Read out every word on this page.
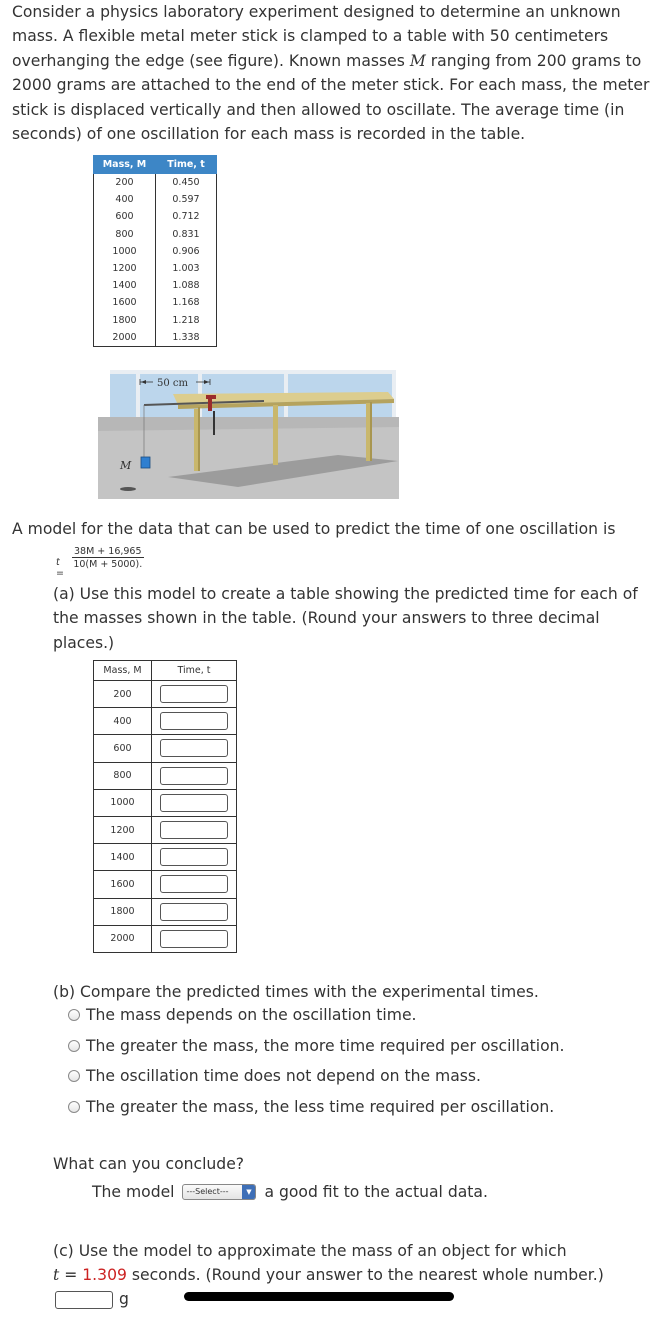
Consider a physics laboratory experiment designed to determine an unknown mass. A flexible metal meter stick is clamped to a table with 50 centimeters overhanging the edge (see figure). Known masses M ranging from 200 grams to 2000 grams are attached to the end of the meter stick. For each mass, the meter stick is displaced vertically and then allowed to oscillate. The average time (in seconds) of one oscillation for each mass is recorded in the table.
Mass, M	Time, t
200	0.450
400	0.597
600	0.712
800	0.831
1000	0.906
1200	1.003
1400	1.088
1600	1.168
1800	1.218
2000	1.338
M
50 cm
A model for the data that can be used to predict the time of one oscillation is
t =
$\frac{38M + 16,965}{10(M + 5000).}$
(a) Use this model to create a table showing the predicted time for each of the masses shown in the table. (Round your answers to three decimal places.)
Mass, M	Time, t
200	
400	
600	
800	
1000	
1200	
1400	
1600	
1800	
2000	
(b) Compare the predicted times with the experimental times.
The mass depends on the oscillation time.
The greater the mass, the more time required per oscillation.
The oscillation time does not depend on the mass.
The greater the mass, the less time required per oscillation.
What can you conclude?
The model ---Select---	▼ a good fit to the actual data.
(c) Use the model to approximate the mass of an object for which
t = 1.309 seconds. (Round your answer to the nearest whole number.)
g
